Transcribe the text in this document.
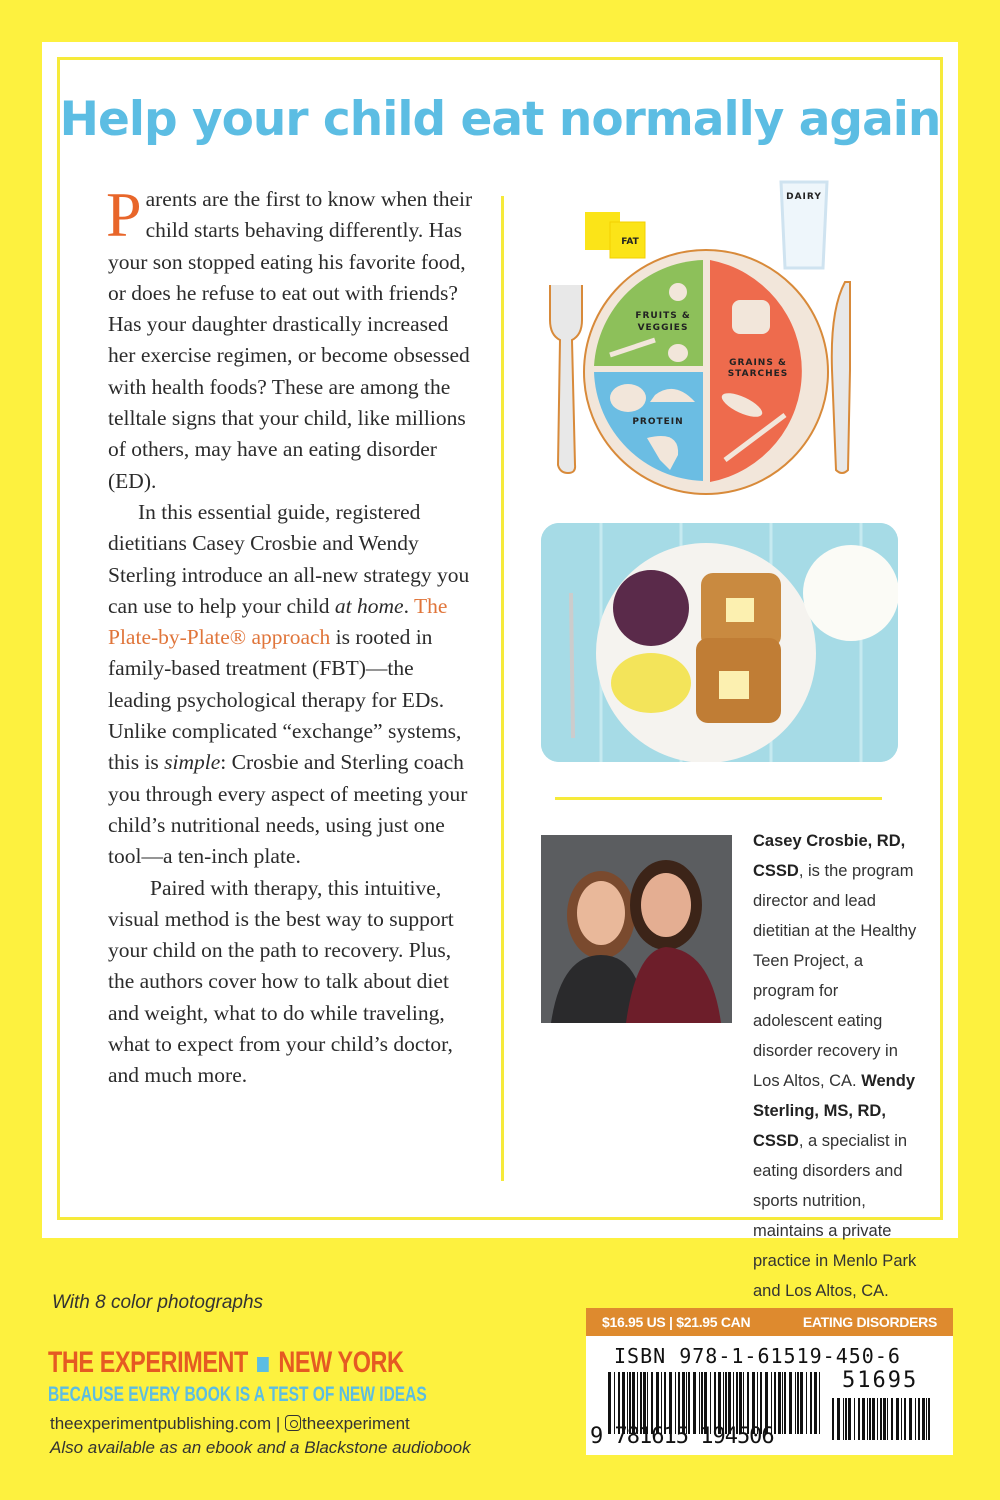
Help your child eat normally again

Parents are the first to know when their child starts behaving differently. Has your son stopped eating his favorite food, or does he refuse to eat out with friends? Has your daughter drastically increased her exercise regimen, or become obsessed with health foods? These are among the telltale signs that your child, like millions of others, may have an eating disorder (ED).

In this essential guide, registered dietitians Casey Crosbie and Wendy Sterling introduce an all-new strategy you can use to help your child at home. The Plate-by-Plate® approach is rooted in family-based treatment (FBT)—the leading psychological therapy for EDs. Unlike complicated “exchange” systems, this is simple: Crosbie and Sterling coach you through every aspect of meeting your child’s nutritional needs, using just one tool—a ten-inch plate.

Paired with therapy, this intuitive, visual method is the best way to support your child on the path to recovery. Plus, the authors cover how to talk about diet and weight, what to do while traveling, what to expect from your child’s doctor, and much more.

FAT
DAIRY
FRUITS &
VEGGIES
GRAINS &
STARCHES
PROTEIN
Casey Crosbie, RD, CSSD, is the program director and lead dietitian at the Healthy Teen Project, a program for adolescent eating disorder recovery in Los Altos, CA. Wendy Sterling, MS, RD, CSSD, a specialist in eating disorders and sports nutrition, maintains a private practice in Menlo Park and Los Altos, CA.
With 8 color photographs
THE EXPERIMENT NEW YORK
BECAUSE EVERY BOOK IS A TEST OF NEW IDEAS
theexperimentpublishing.com | theexperiment
Also available as an ebook and a Blackstone audiobook
$16.95 US | $21.95 CAN	EATING DISORDERS
ISBN 978-1-61519-450-6
9 781615 194506
51695
